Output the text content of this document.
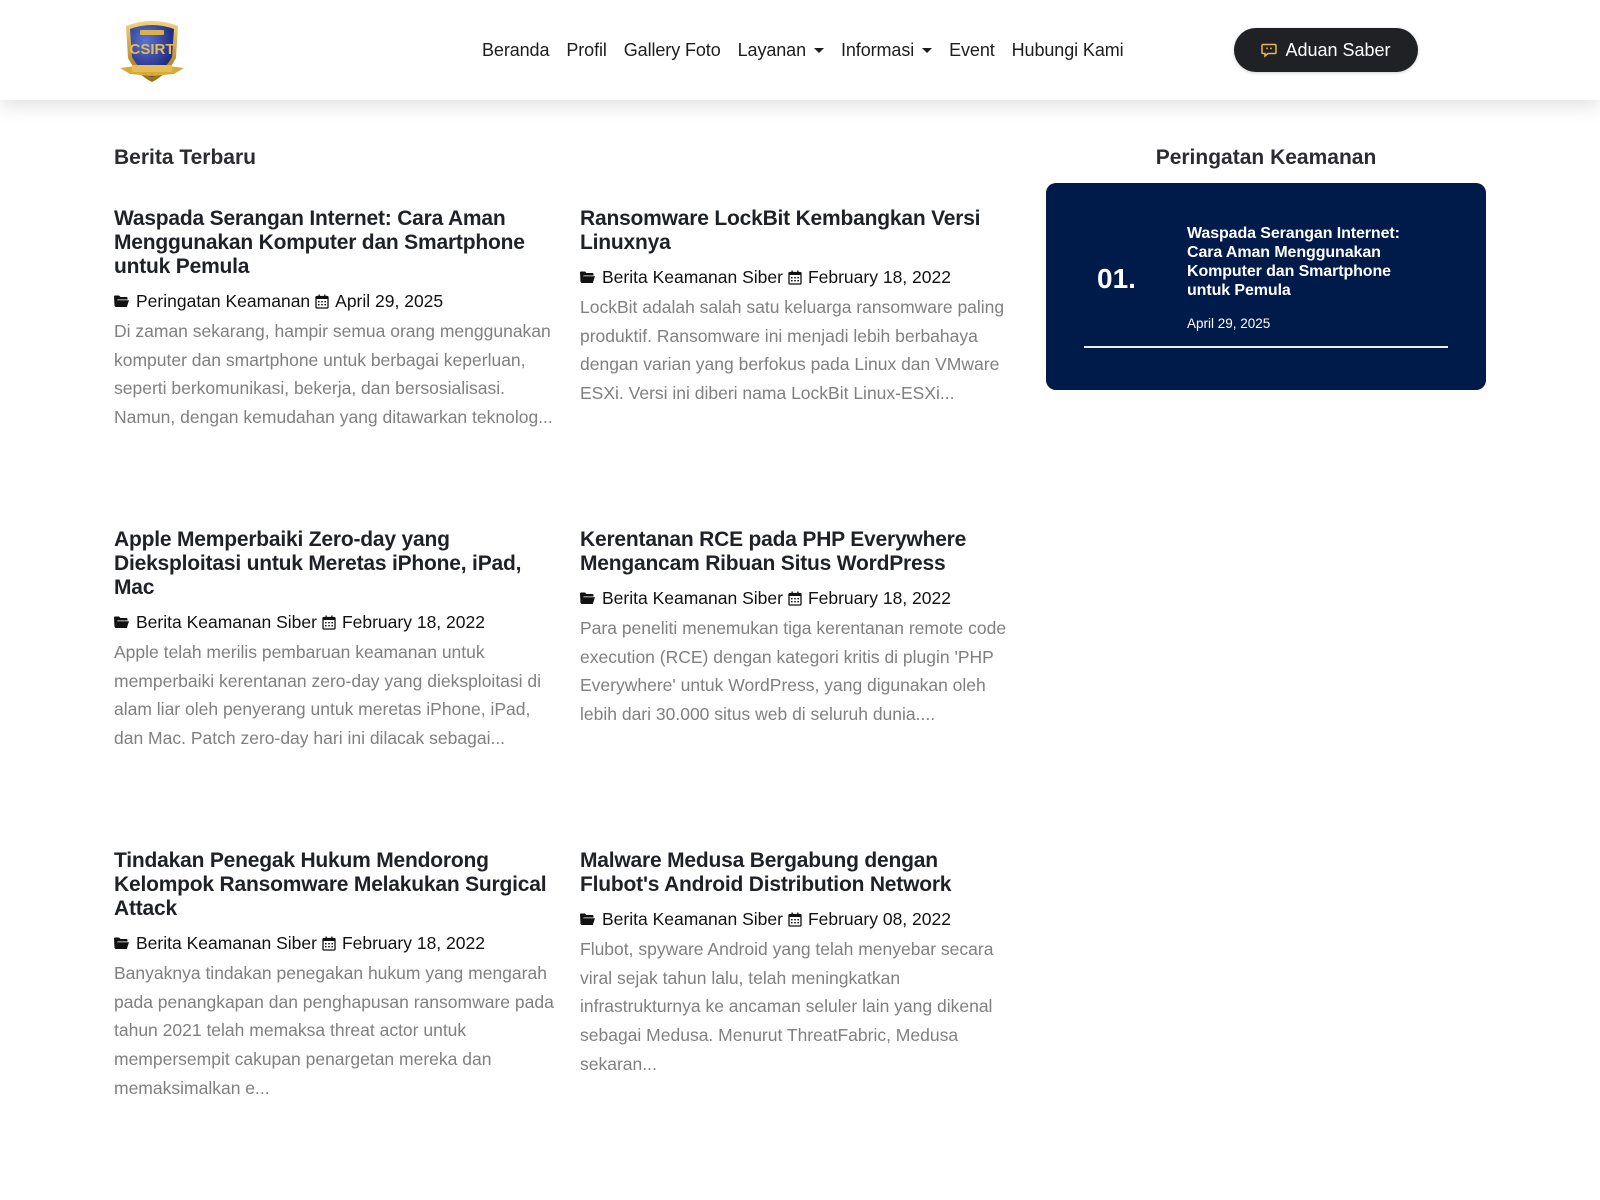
CSIRT	Beranda Profil Gallery Foto Layanan Informasi Event Hubungi Kami	Aduan Saber
Berita Terbaru
Waspada Serangan Internet: Cara Aman Menggunakan Komputer dan Smartphone untuk Pemula
Peringatan Keamanan April 29, 2025

Di zaman sekarang, hampir semua orang menggunakan komputer dan smartphone untuk berbagai keperluan, seperti berkomunikasi, bekerja, dan bersosialisasi. Namun, dengan kemudahan yang ditawarkan teknolog...

Ransomware LockBit Kembangkan Versi Linuxnya
Berita Keamanan Siber February 18, 2022

LockBit adalah salah satu keluarga ransomware paling produktif. Ransomware ini menjadi lebih berbahaya dengan varian yang berfokus pada Linux dan VMware ESXi. Versi ini diberi nama LockBit Linux-ESXi...

Apple Memperbaiki Zero-day yang Dieksploitasi untuk Meretas iPhone, iPad, Mac
Berita Keamanan Siber February 18, 2022

Apple telah merilis pembaruan keamanan untuk memperbaiki kerentanan zero-day yang dieksploitasi di alam liar oleh penyerang untuk meretas iPhone, iPad, dan Mac. Patch zero-day hari ini dilacak sebagai...

Kerentanan RCE pada PHP Everywhere Mengancam Ribuan Situs WordPress
Berita Keamanan Siber February 18, 2022

Para peneliti menemukan tiga kerentanan remote code execution (RCE) dengan kategori kritis di plugin 'PHP Everywhere' untuk WordPress, yang digunakan oleh lebih dari 30.000 situs web di seluruh dunia....

Tindakan Penegak Hukum Mendorong Kelompok Ransomware Melakukan Surgical Attack
Berita Keamanan Siber February 18, 2022

Banyaknya tindakan penegakan hukum yang mengarah pada penangkapan dan penghapusan ransomware pada tahun 2021 telah memaksa threat actor untuk mempersempit cakupan penargetan mereka dan memaksimalkan e...

Malware Medusa Bergabung dengan Flubot's Android Distribution Network
Berita Keamanan Siber February 08, 2022

Flubot, spyware Android yang telah menyebar secara viral sejak tahun lalu, telah meningkatkan infrastrukturnya ke ancaman seluler lain yang dikenal sebagai Medusa. Menurut ThreatFabric, Medusa sekaran...

Peringatan Keamanan
01.
Waspada Serangan Internet: Cara Aman Menggunakan Komputer dan Smartphone untuk Pemula
April 29, 2025
